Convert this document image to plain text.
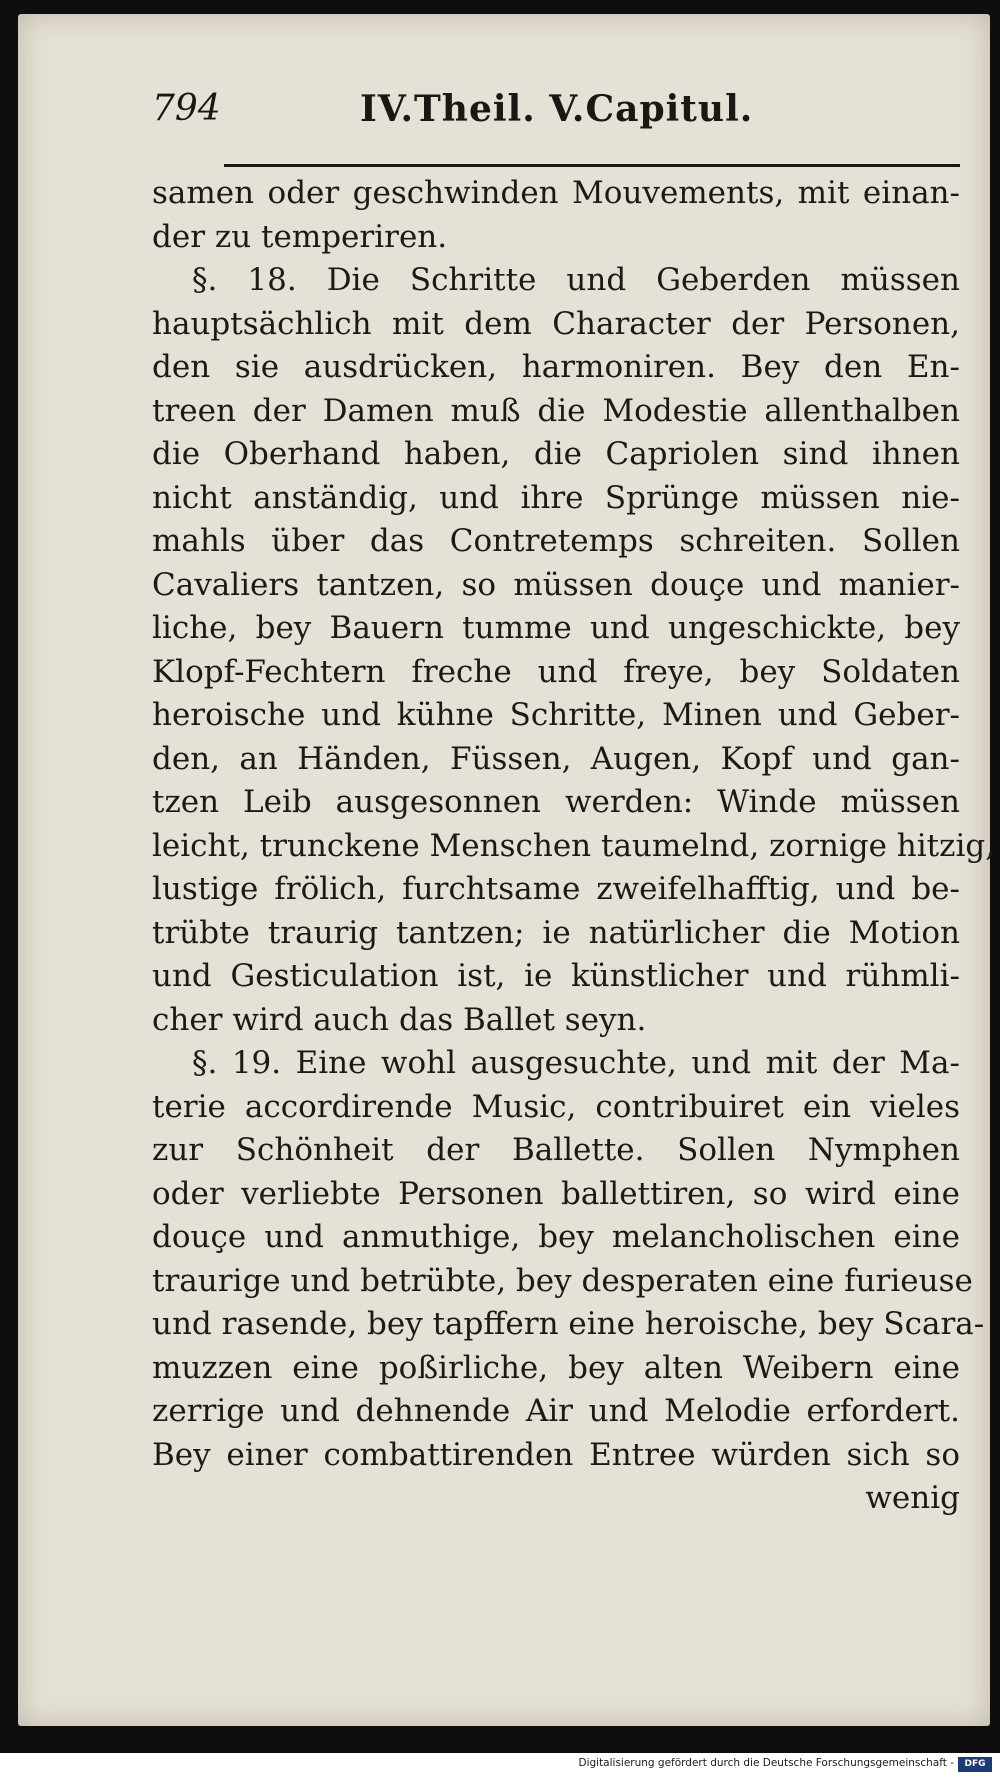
794	IV.Theil. V.Capitul.
samen oder geschwinden Mouvements, mit einan-
der zu temperiren.
§. 18. Die Schritte und Geberden müssen
hauptsächlich mit dem Character der Personen,
den sie ausdrücken, harmoniren. Bey den En-
treen der Damen muß die Modestie allenthalben
die Oberhand haben, die Capriolen sind ihnen
nicht anständig, und ihre Sprünge müssen nie-
mahls über das Contretemps schreiten. Sollen
Cavaliers tantzen, so müssen douçe und manier-
liche, bey Bauern tumme und ungeschickte, bey
Klopf-Fechtern freche und freye, bey Soldaten
heroische und kühne Schritte, Minen und Geber-
den, an Händen, Füssen, Augen, Kopf und gan-
tzen Leib ausgesonnen werden: Winde müssen
leicht, trunckene Menschen taumelnd, zornige hitzig,
lustige frölich, furchtsame zweifelhafftig, und be-
trübte traurig tantzen; ie natürlicher die Motion
und Gesticulation ist, ie künstlicher und rühmli-
cher wird auch das Ballet seyn.
§. 19. Eine wohl ausgesuchte, und mit der Ma-
terie accordirende Music, contribuiret ein vieles
zur Schönheit der Ballette. Sollen Nymphen
oder verliebte Personen ballettiren, so wird eine
douçe und anmuthige, bey melancholischen eine
traurige und betrübte, bey desperaten eine furieuse
und rasende, bey tapffern eine heroische, bey Scara-
muzzen eine poßirliche, bey alten Weibern eine
zerrige und dehnende Air und Melodie erfordert.
Bey einer combattirenden Entree würden sich so
wenig
Digitalisierung gefördert durch die Deutsche Forschungsgemeinschaft -	DFG
